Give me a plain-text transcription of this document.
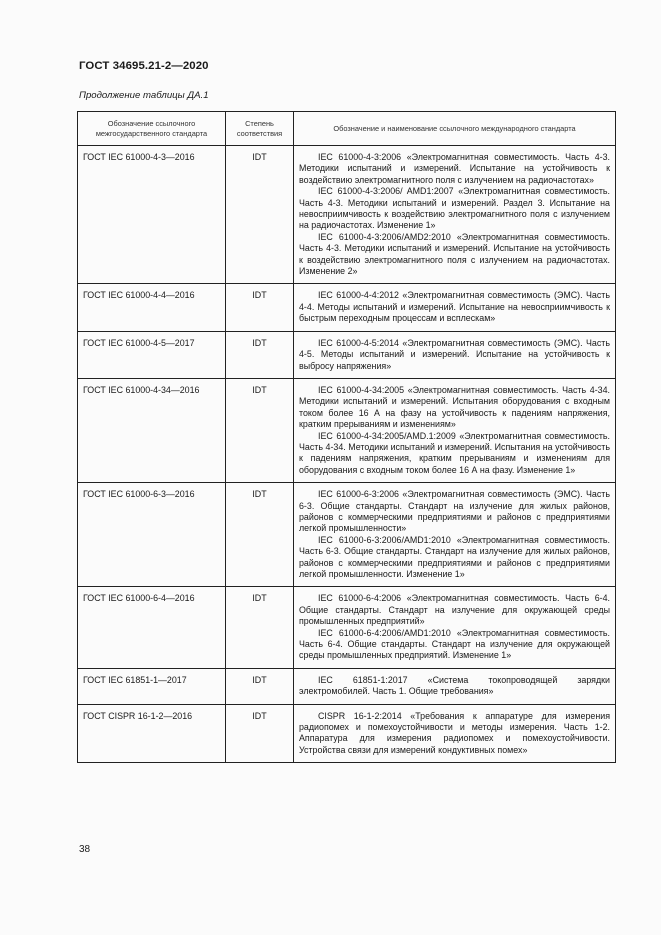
ГОСТ 34695.21-2—2020
Продолжение таблицы ДА.1
Обозначение ссылочного межгосударственного стандарта	Степень соответствия	Обозначение и наименование ссылочного международного стандарта
ГОСТ IEC 61000-4-3—2016	IDT	IEC 61000-4-3:2006 «Электромагнитная совместимость. Часть 4-3. Методики испытаний и измерений. Испытание на устойчивость к воздействию электромагнитного поля с излучением на радиочастотах»
IEC 61000-4-3:2006/ AMD1:2007 «Электромагнитная совместимость. Часть 4-3. Методики испытаний и измерений. Раздел 3. Испытание на невосприимчивость к воздействию электромагнитного поля с излучением на радиочастотах. Изменение 1»
IEC 61000-4-3:2006/AMD2:2010 «Электромагнитная совместимость. Часть 4-3. Методики испытаний и измерений. Испытание на устойчивость к воздействию электромагнитного поля с излучением на радиочастотах. Изменение 2»

ГОСТ IEC 61000-4-4—2016	IDT	IEC 61000-4-4:2012 «Электромагнитная совместимость (ЭМС). Часть 4-4. Методы испытаний и измерений. Испытание на невосприимчивость к быстрым переходным процессам и всплескам»

ГОСТ IEC 61000-4-5—2017	IDT	IEC 61000-4-5:2014 «Электромагнитная совместимость (ЭМС). Часть 4-5. Методы испытаний и измерений. Испытание на устойчивость к выбросу напряжения»

ГОСТ IEC 61000-4-34—2016	IDT	IEC 61000-4-34:2005 «Электромагнитная совместимость. Часть 4-34. Методики испытаний и измерений. Испытания оборудования с входным током более 16 А на фазу на устойчивость к падениям напряжения, кратким прерываниям и изменениям»
IEC 61000-4-34:2005/AMD.1:2009 «Электромагнитная совместимость. Часть 4-34. Методики испытаний и измерений. Испытания на устойчивость к падениям напряжения, кратким прерываниям и изменениям для оборудования с входным током более 16 А на фазу. Изменение 1»

ГОСТ IEC 61000-6-3—2016	IDT	IEC 61000-6-3:2006 «Электромагнитная совместимость (ЭМС). Часть 6-3. Общие стандарты. Стандарт на излучение для жилых районов, районов с коммерческими предприятиями и районов с предприятиями легкой промышленности»
IEC 61000-6-3:2006/AMD1:2010 «Электромагнитная совместимость. Часть 6-3. Общие стандарты. Стандарт на излучение для жилых районов, районов с коммерческими предприятиями и районов с предприятиями легкой промышленности. Изменение 1»

ГОСТ IEC 61000-6-4—2016	IDT	IEC 61000-6-4:2006 «Электромагнитная совместимость. Часть 6-4. Общие стандарты. Стандарт на излучение для окружающей среды промышленных предприятий»
IEC 61000-6-4:2006/AMD1:2010 «Электромагнитная совместимость. Часть 6-4. Общие стандарты. Стандарт на излучение для окружающей среды промышленных предприятий. Изменение 1»

ГОСТ IEC 61851-1—2017	IDT	IEC 61851-1:2017 «Система токопроводящей зарядки электромобилей. Часть 1. Общие требования»

ГОСТ CISPR 16-1-2—2016	IDT	CISPR 16-1-2:2014 «Требования к аппаратуре для измерения радиопомех и помехоустойчивости и методы измерения. Часть 1-2. Аппаратура для измерения радиопомех и помехоустойчивости. Устройства связи для измерений кондуктивных помех»
38
